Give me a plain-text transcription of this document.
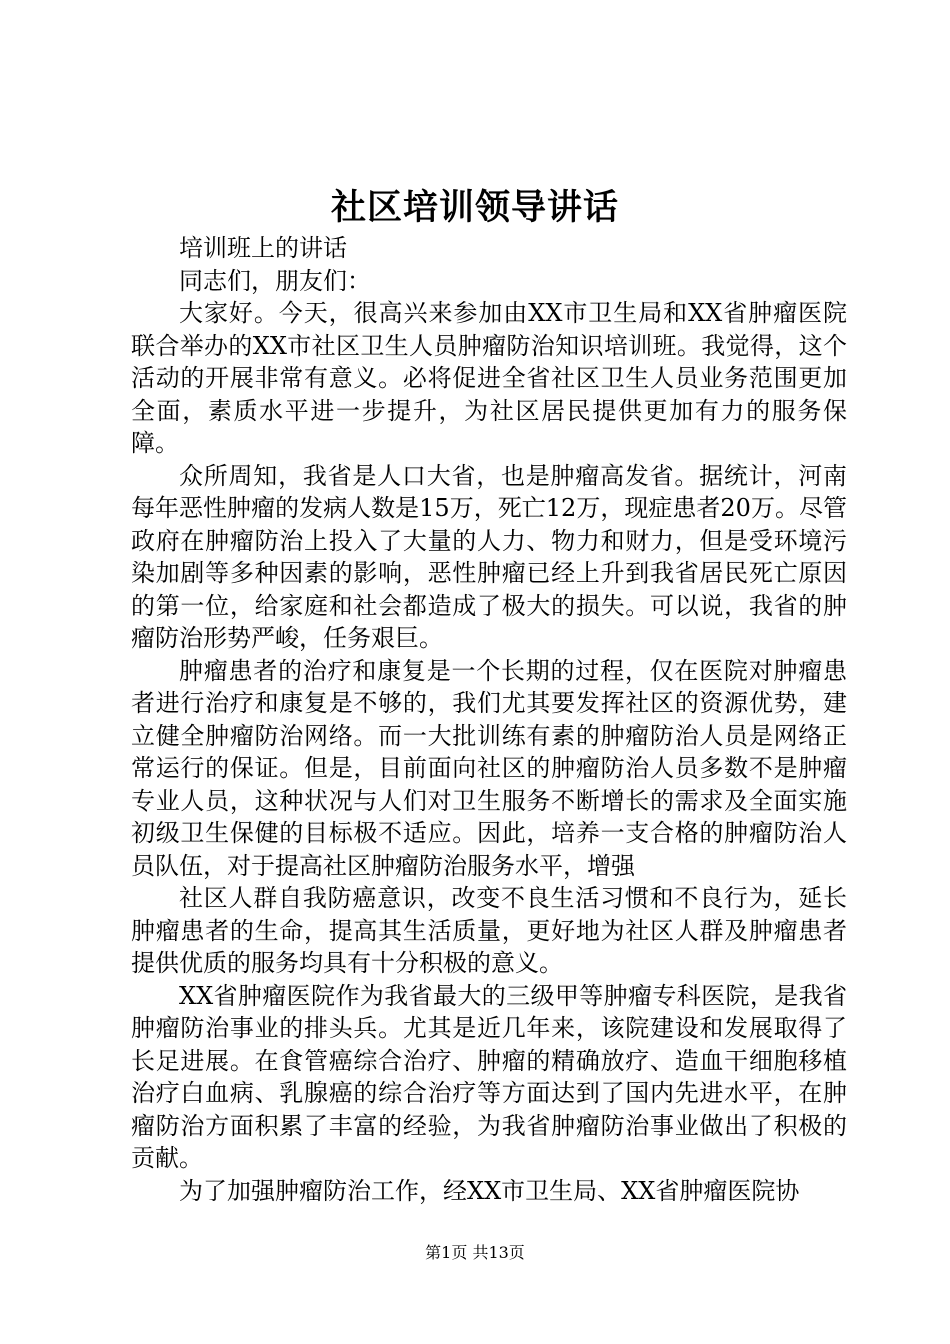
社区培训领导讲话

培训班上的讲话

同志们，朋友们：

大家好。今天，很高兴来参加由XX市卫生局和XX省肿瘤医院联合举办的XX市社区卫生人员肿瘤防治知识培训班。我觉得，这个活动的开展非常有意义。必将促进全省社区卫生人员业务范围更加全面，素质水平进一步提升，为社区居民提供更加有力的服务保障。

众所周知，我省是人口大省，也是肿瘤高发省。据统计，河南每年恶性肿瘤的发病人数是15万，死亡12万，现症患者20万。尽管政府在肿瘤防治上投入了大量的人力、物力和财力，但是受环境污染加剧等多种因素的影响，恶性肿瘤已经上升到我省居民死亡原因的第一位，给家庭和社会都造成了极大的损失。可以说，我省的肿瘤防治形势严峻，任务艰巨。

肿瘤患者的治疗和康复是一个长期的过程，仅在医院对肿瘤患者进行治疗和康复是不够的，我们尤其要发挥社区的资源优势，建立健全肿瘤防治网络。而一大批训练有素的肿瘤防治人员是网络正常运行的保证。但是，目前面向社区的肿瘤防治人员多数不是肿瘤专业人员，这种状况与人们对卫生服务不断增长的需求及全面实施初级卫生保健的目标极不适应。因此，培养一支合格的肿瘤防治人员队伍，对于提高社区肿瘤防治服务水平，增强

社区人群自我防癌意识，改变不良生活习惯和不良行为，延长肿瘤患者的生命，提高其生活质量，更好地为社区人群及肿瘤患者提供优质的服务均具有十分积极的意义。

XX省肿瘤医院作为我省最大的三级甲等肿瘤专科医院，是我省肿瘤防治事业的排头兵。尤其是近几年来，该院建设和发展取得了长足进展。在食管癌综合治疗、肿瘤的精确放疗、造血干细胞移植治疗白血病、乳腺癌的综合治疗等方面达到了国内先进水平，在肿瘤防治方面积累了丰富的经验，为我省肿瘤防治事业做出了积极的贡献。

为了加强肿瘤防治工作，经XX市卫生局、XX省肿瘤医院协

第1页 共13页
